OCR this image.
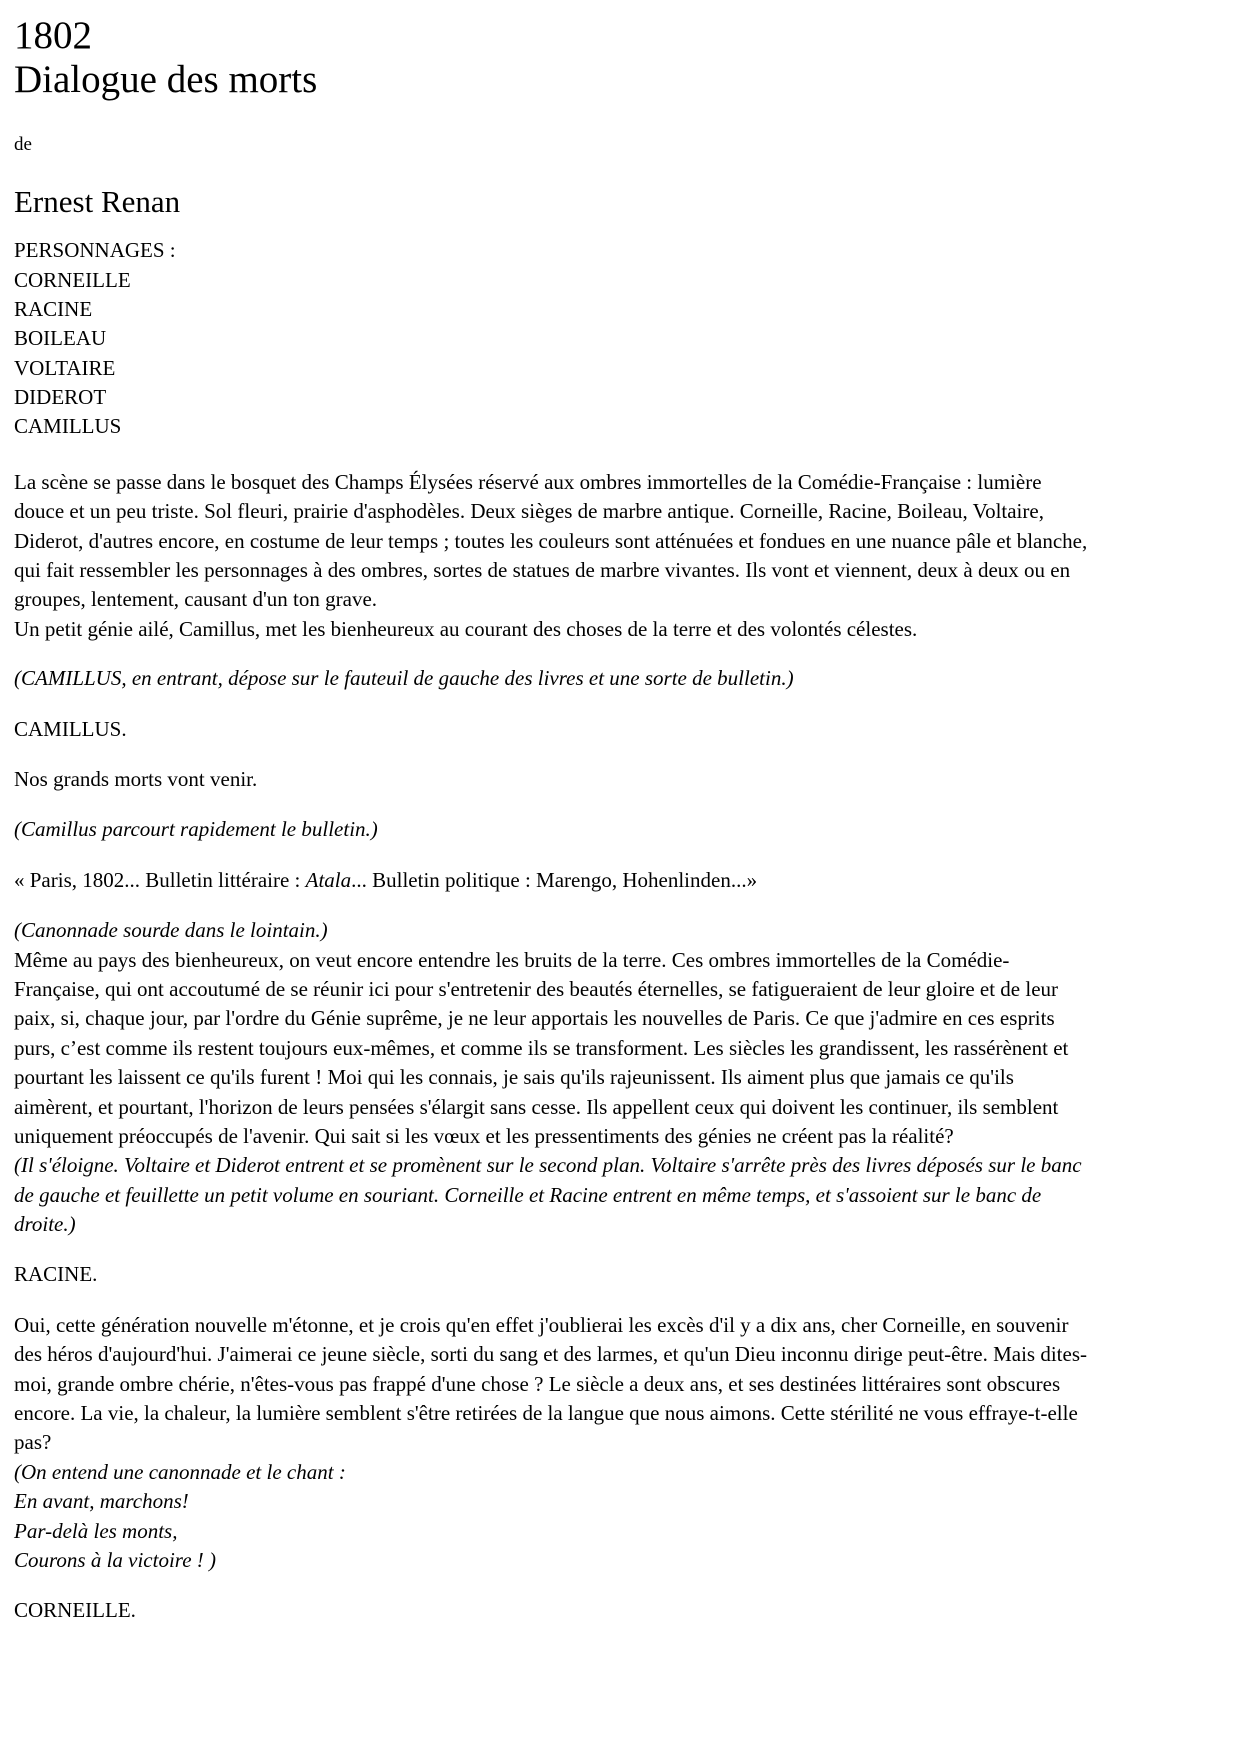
1802
Dialogue des morts

de

Ernest Renan
PERSONNAGES :
CORNEILLE
RACINE
BOILEAU
VOLTAIRE
DIDEROT
CAMILLUS

La scène se passe dans le bosquet des Champs Élysées réservé aux ombres immortelles de la Comédie-Française : lumière douce et un peu triste. Sol fleuri, prairie d'asphodèles. Deux sièges de marbre antique. Corneille, Racine, Boileau, Voltaire, Diderot, d'autres encore, en costume de leur temps ; toutes les couleurs sont atténuées et fondues en une nuance pâle et blanche, qui fait ressembler les personnages à des ombres, sortes de statues de marbre vivantes. Ils vont et viennent, deux à deux ou en groupes, lentement, causant d'un ton grave.

Un petit génie ailé, Camillus, met les bienheureux au courant des choses de la terre et des volontés célestes.

(CAMILLUS, en entrant, dépose sur le fauteuil de gauche des livres et une sorte de bulletin.)

CAMILLUS.

Nos grands morts vont venir.

(Camillus parcourt rapidement le bulletin.)

« Paris, 1802... Bulletin littéraire : Atala... Bulletin politique : Marengo, Hohenlinden...»

(Canonnade sourde dans le lointain.)

Même au pays des bienheureux, on veut encore entendre les bruits de la terre. Ces ombres immortelles de la Comédie-Française, qui ont accoutumé de se réunir ici pour s'entretenir des beautés éternelles, se fatigueraient de leur gloire et de leur paix, si, chaque jour, par l'ordre du Génie suprême, je ne leur apportais les nouvelles de Paris. Ce que j'admire en ces esprits purs, c’est comme ils restent toujours eux-mêmes, et comme ils se transforment. Les siècles les grandissent, les rassérènent et pourtant les laissent ce qu'ils furent ! Moi qui les connais, je sais qu'ils rajeunissent. Ils aiment plus que jamais ce qu'ils aimèrent, et pourtant, l'horizon de leurs pensées s'élargit sans cesse. Ils appellent ceux qui doivent les continuer, ils semblent uniquement préoccupés de l'avenir. Qui sait si les vœux et les pressentiments des génies ne créent pas la réalité?

(Il s'éloigne. Voltaire et Diderot entrent et se promènent sur le second plan. Voltaire s'arrête près des livres déposés sur le banc de gauche et feuillette un petit volume en souriant. Corneille et Racine entrent en même temps, et s'assoient sur le banc de droite.)

RACINE.

Oui, cette génération nouvelle m'étonne, et je crois qu'en effet j'oublierai les excès d'il y a dix ans, cher Corneille, en souvenir des héros d'aujourd'hui. J'aimerai ce jeune siècle, sorti du sang et des larmes, et qu'un Dieu inconnu dirige peut-être. Mais dites-moi, grande ombre chérie, n'êtes-vous pas frappé d'une chose ? Le siècle a deux ans, et ses destinées littéraires sont obscures encore. La vie, la chaleur, la lumière semblent s'être retirées de la langue que nous aimons. Cette stérilité ne vous effraye-t-elle pas?

(On entend une canonnade et le chant :

En avant, marchons!

Par-delà les monts,

Courons à la victoire ! )

CORNEILLE.
